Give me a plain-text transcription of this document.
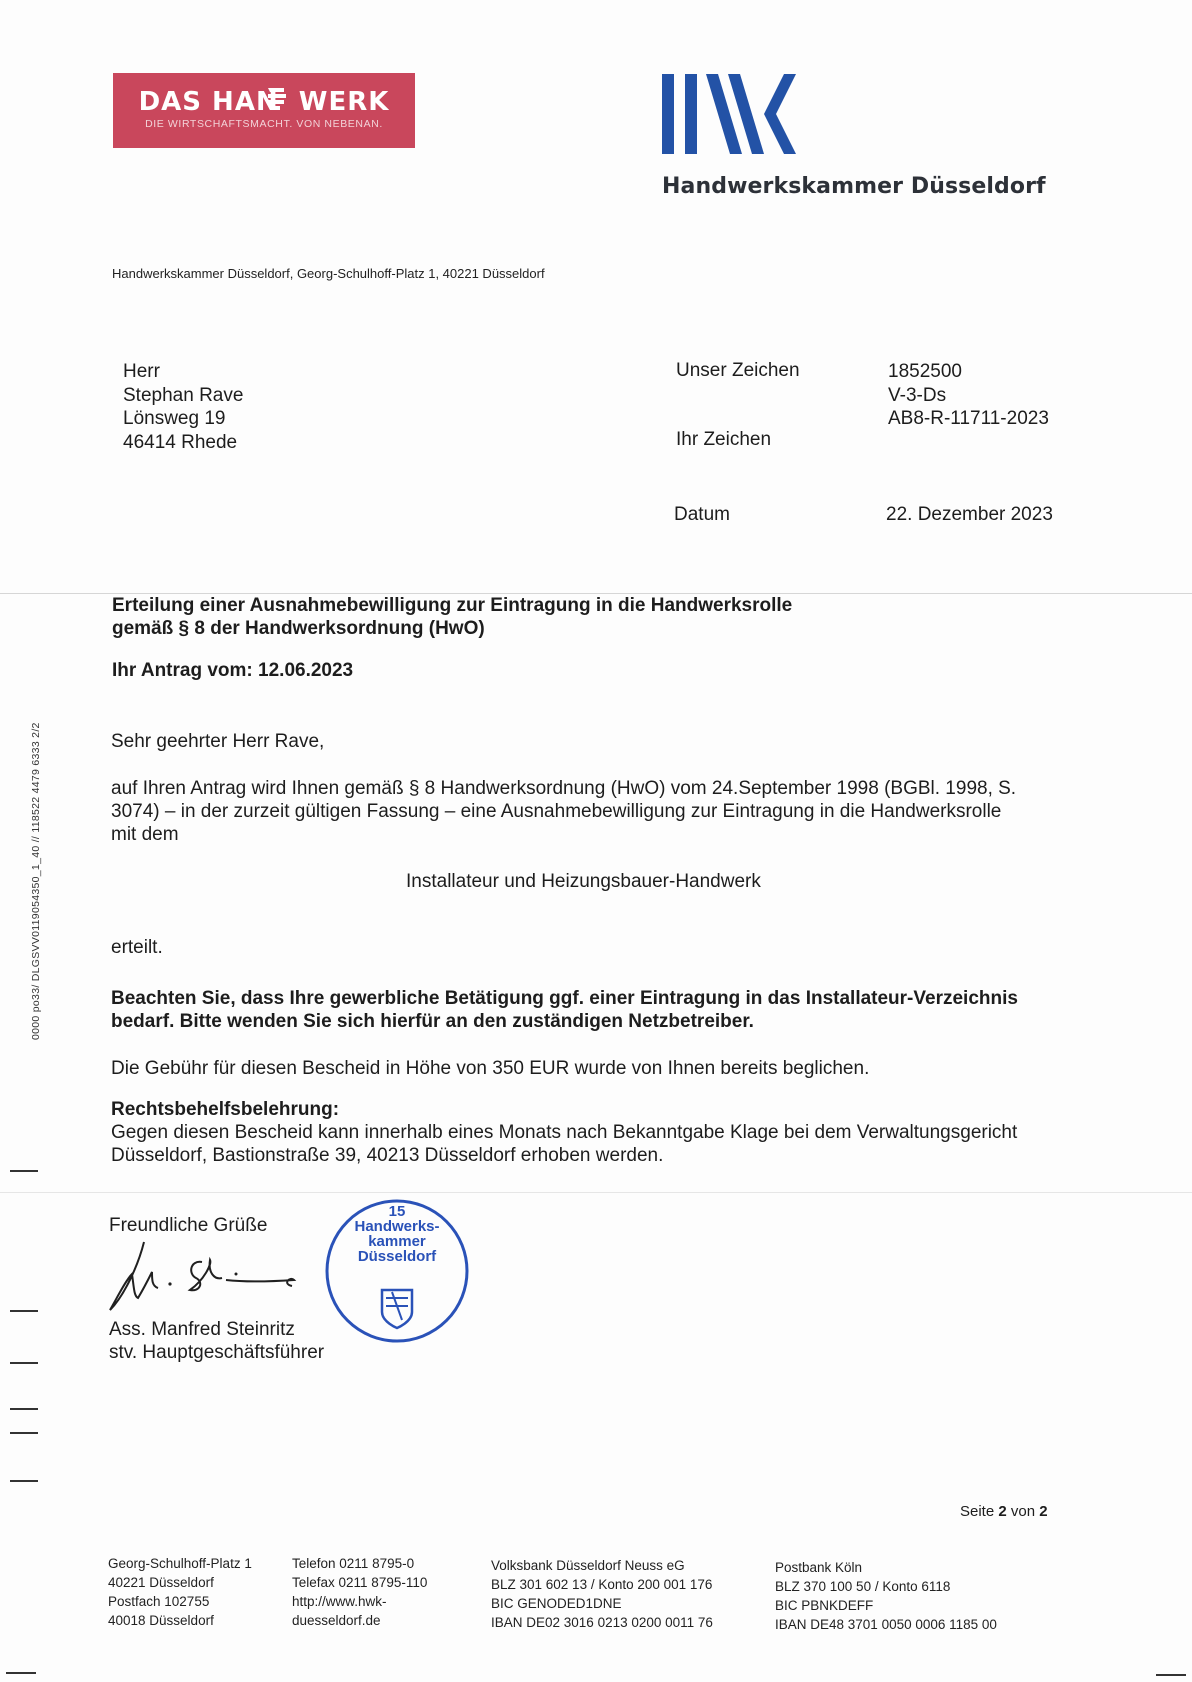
DAS HAN  WERK
DIE WIRTSCHAFTSMACHT. VON NEBENAN.
Handwerkskammer Düsseldorf
Handwerkskammer Düsseldorf, Georg-Schulhoff-Platz 1, 40221 Düsseldorf
Herr
Stephan Rave
Lönsweg 19
46414 Rhede
Unser Zeichen	1852500
V-3-Ds
AB8-R-11711-2023
Ihr Zeichen
Datum	22. Dezember 2023
Erteilung einer Ausnahmebewilligung zur Eintragung in die Handwerksrolle
gemäß § 8 der Handwerksordnung (HwO)
Ihr Antrag vom: 12.06.2023
Sehr geehrter Herr Rave,
auf Ihren Antrag wird Ihnen gemäß § 8 Handwerksordnung (HwO) vom 24.September 1998 (BGBl. 1998, S.
3074) – in der zurzeit gültigen Fassung – eine Ausnahmebewilligung zur Eintragung in die Handwerksrolle
mit dem
Installateur und Heizungsbauer-Handwerk
erteilt.
Beachten Sie, dass Ihre gewerbliche Betätigung ggf. einer Eintragung in das Installateur-Verzeichnis
bedarf. Bitte wenden Sie sich hierfür an den zuständigen Netzbetreiber.
Die Gebühr für diesen Bescheid in Höhe von 350 EUR wurde von Ihnen bereits beglichen.
Rechtsbehelfsbelehrung:
Gegen diesen Bescheid kann innerhalb eines Monats nach Bekanntgabe Klage bei dem Verwaltungsgericht
Düsseldorf, Bastionstraße 39, 40213 Düsseldorf erhoben werden.
Freundliche Grüße
Ass. Manfred Steinritz
stv. Hauptgeschäftsführer
15
Handwerks-
kammer
Düsseldorf
0000 po33/ DLGSVV0119054350_1_40 // 118522 4479 6333 2/2
Seite 2 von 2
Georg-Schulhoff-Platz 1
40221 Düsseldorf
Postfach 102755
40018 Düsseldorf
Telefon 0211 8795-0
Telefax 0211 8795-110
http://www.hwk-
duesseldorf.de
Volksbank Düsseldorf Neuss eG
BLZ 301 602 13 / Konto 200 001 176
BIC GENODED1DNE
IBAN DE02 3016 0213 0200 0011 76
Postbank Köln
BLZ 370 100 50 / Konto 6118
BIC PBNKDEFF
IBAN DE48 3701 0050 0006 1185 00
